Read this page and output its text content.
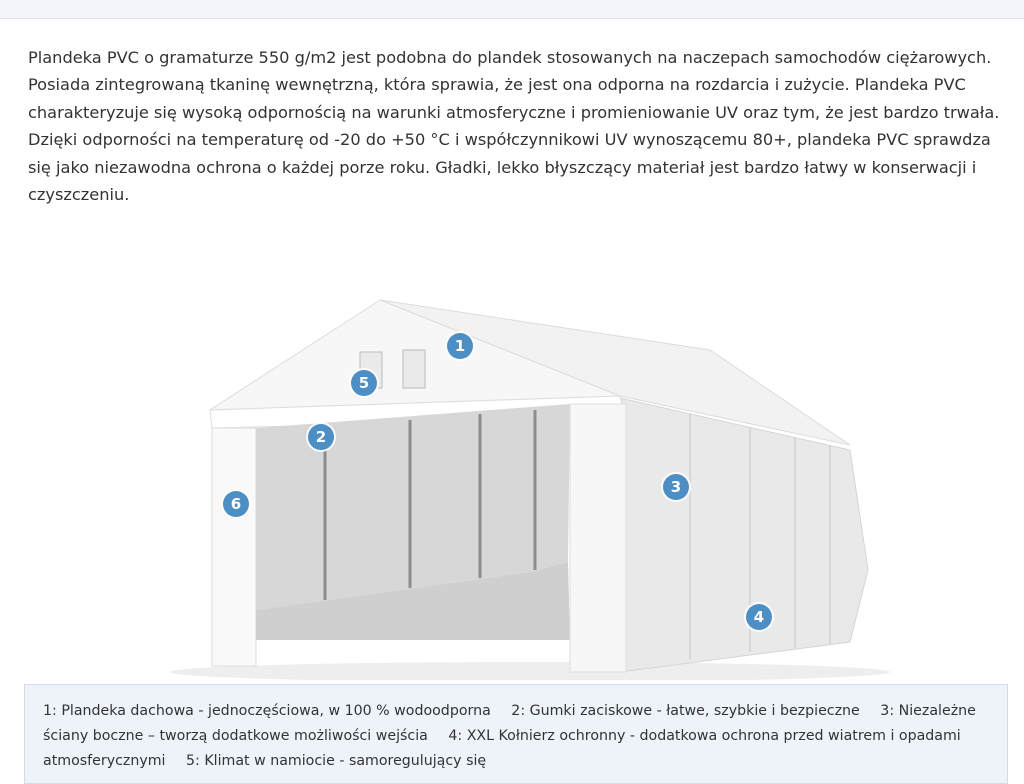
Plandeka PVC o gramaturze 550 g/m2 jest podobna do plandek stosowanych na naczepach samochodów ciężarowych. Posiada zintegrowaną tkaninę wewnętrzną, która sprawia, że jest ona odporna na rozdarcia i zużycie. Plandeka PVC charakteryzuje się wysoką odpornością na warunki atmosferyczne i promieniowanie UV oraz tym, że jest bardzo trwała. Dzięki odporności na temperaturę od -20 do +50 °C i współczynnikowi UV wynoszącemu 80+, plandeka PVC sprawdza się jako niezawodna ochrona o każdej porze roku. Gładki, lekko błyszczący materiał jest bardzo łatwy w konserwacji i czyszczeniu.

1
2
3
4
5
6
1: Plandeka dachowa - jednoczęściowa, w 100 % wodoodporna 2: Gumki zaciskowe - łatwe, szybkie i bezpieczne 3: Niezależne ściany boczne – tworzą dodatkowe możliwości wejścia 4: XXL Kołnierz ochronny - dodatkowa ochrona przed wiatrem i opadami atmosferycznymi 5: Klimat w namiocie - samoregulujący się
